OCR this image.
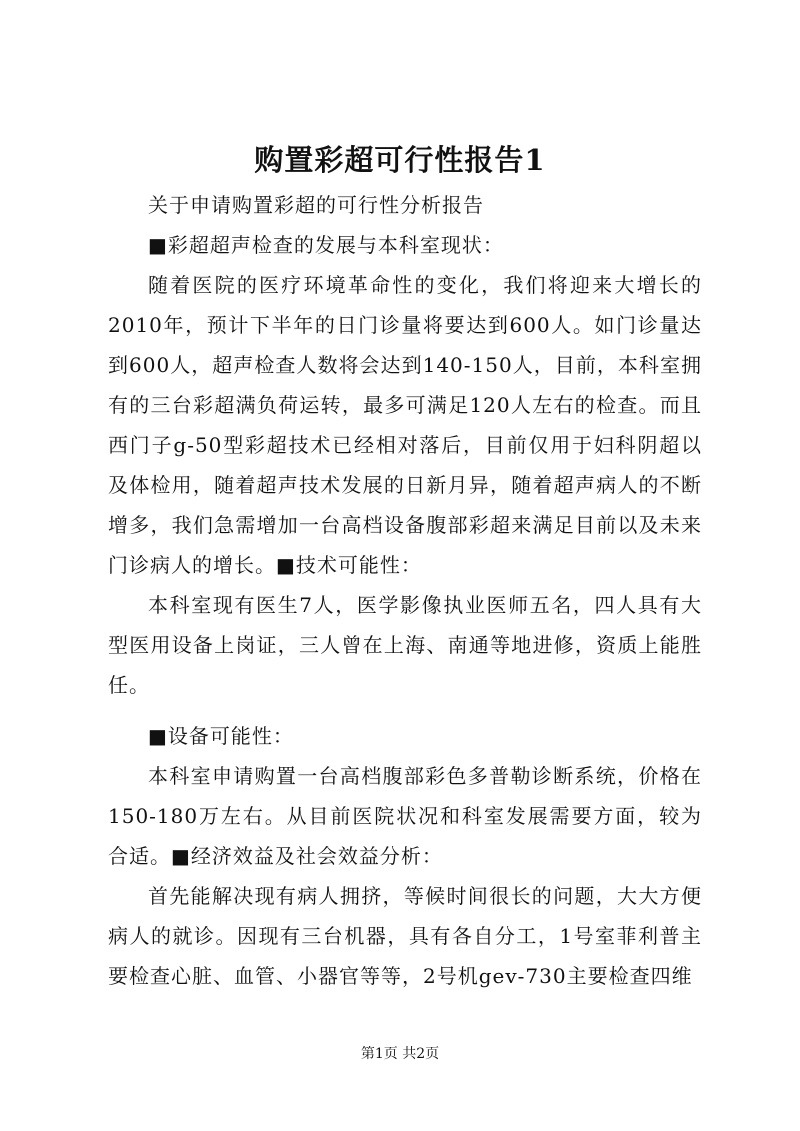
购置彩超可行性报告1

关于申请购置彩超的可行性分析报告

■彩超超声检查的发展与本科室现状：

随着医院的医疗环境革命性的变化，我们将迎来大增长的2010年，预计下半年的日门诊量将要达到600人。如门诊量达到600人，超声检查人数将会达到140-150人，目前，本科室拥有的三台彩超满负荷运转，最多可满足120人左右的检查。而且西门子g-50型彩超技术已经相对落后，目前仅用于妇科阴超以及体检用，随着超声技术发展的日新月异，随着超声病人的不断增多，我们急需增加一台高档设备腹部彩超来满足目前以及未来门诊病人的增长。■技术可能性：

本科室现有医生7人，医学影像执业医师五名，四人具有大型医用设备上岗证，三人曾在上海、南通等地进修，资质上能胜任。

■设备可能性：

本科室申请购置一台高档腹部彩色多普勒诊断系统，价格在150-180万左右。从目前医院状况和科室发展需要方面，较为合适。■经济效益及社会效益分析：

首先能解决现有病人拥挤，等候时间很长的问题，大大方便病人的就诊。因现有三台机器，具有各自分工，1号室菲利普主要检查心脏、血管、小器官等等，2号机gev-730主要检查四维

第1页 共2页
